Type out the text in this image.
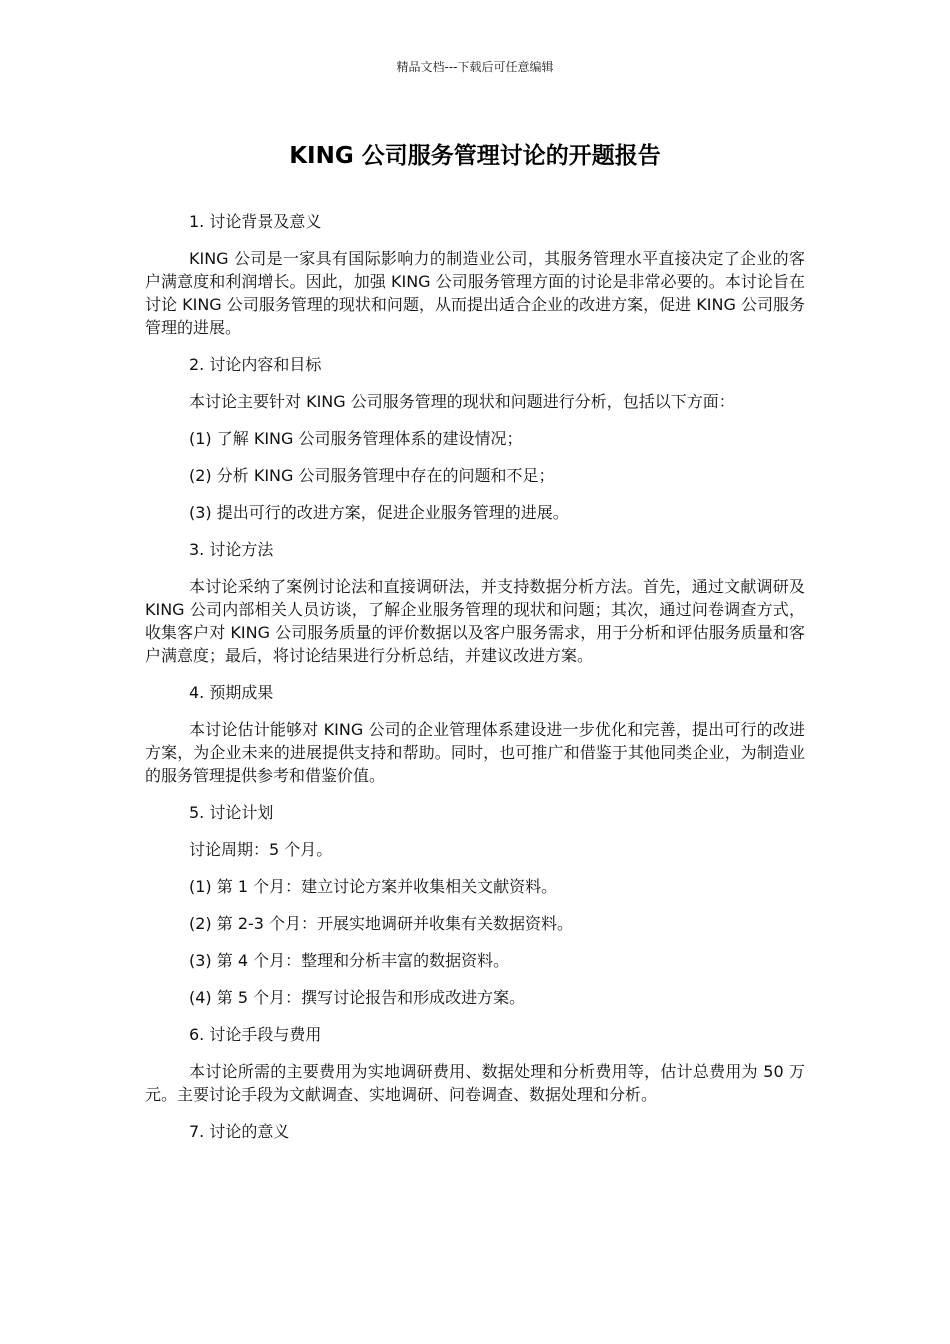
精品文档---下载后可任意编辑
KING 公司服务管理讨论的开题报告

1. 讨论背景及意义

KING 公司是一家具有国际影响力的制造业公司，其服务管理水平直接决定了企业的客户满意度和利润增长。因此，加强 KING 公司服务管理方面的讨论是非常必要的。本讨论旨在讨论 KING 公司服务管理的现状和问题，从而提出适合企业的改进方案，促进 KING 公司服务管理的进展。

2. 讨论内容和目标

本讨论主要针对 KING 公司服务管理的现状和问题进行分析，包括以下方面：

(1) 了解 KING 公司服务管理体系的建设情况；

(2) 分析 KING 公司服务管理中存在的问题和不足；

(3) 提出可行的改进方案，促进企业服务管理的进展。

3. 讨论方法

本讨论采纳了案例讨论法和直接调研法，并支持数据分析方法。首先，通过文献调研及 KING 公司内部相关人员访谈，了解企业服务管理的现状和问题；其次，通过问卷调查方式，收集客户对 KING 公司服务质量的评价数据以及客户服务需求，用于分析和评估服务质量和客户满意度；最后，将讨论结果进行分析总结，并建议改进方案。

4. 预期成果

本讨论估计能够对 KING 公司的企业管理体系建设进一步优化和完善，提出可行的改进方案，为企业未来的进展提供支持和帮助。同时，也可推广和借鉴于其他同类企业，为制造业的服务管理提供参考和借鉴价值。

5. 讨论计划

讨论周期：5 个月。

(1) 第 1 个月：建立讨论方案并收集相关文献资料。

(2) 第 2-3 个月：开展实地调研并收集有关数据资料。

(3) 第 4 个月：整理和分析丰富的数据资料。

(4) 第 5 个月：撰写讨论报告和形成改进方案。

6. 讨论手段与费用

本讨论所需的主要费用为实地调研费用、数据处理和分析费用等，估计总费用为 50 万元。主要讨论手段为文献调查、实地调研、问卷调查、数据处理和分析。

7. 讨论的意义
